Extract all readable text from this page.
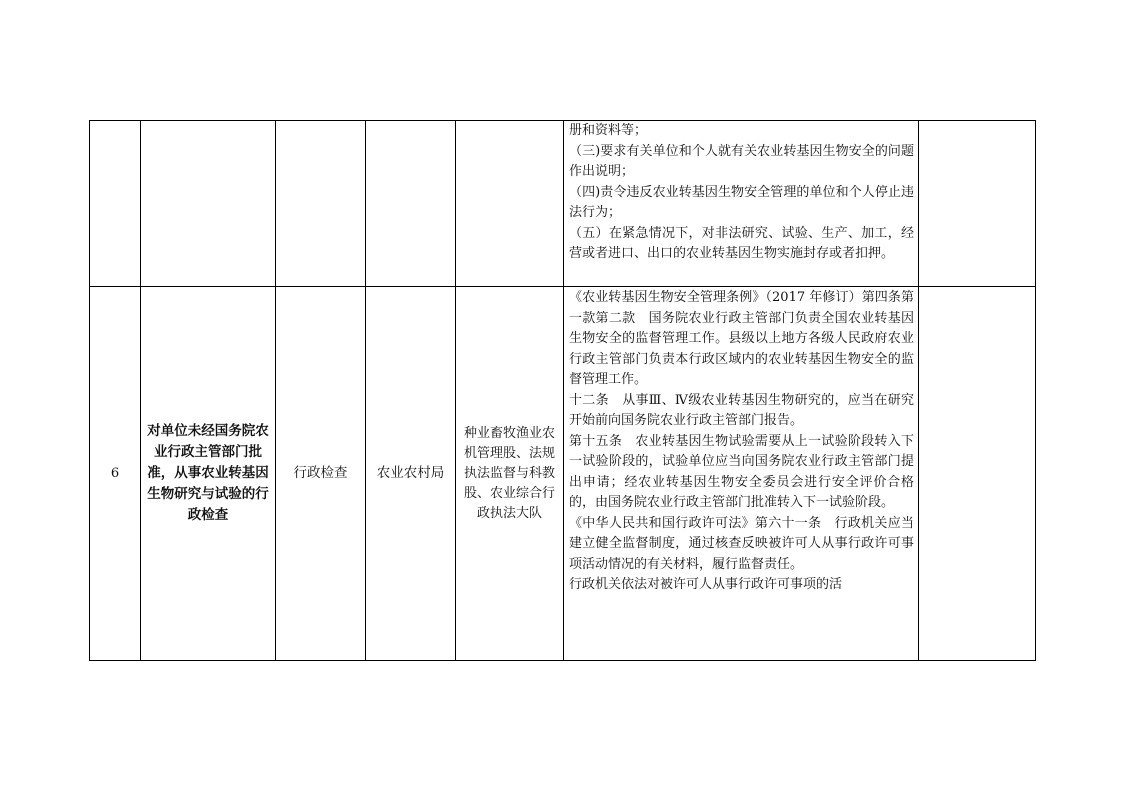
					册和资料等；

（三)要求有关单位和个人就有关农业转基因生物安全的问题作出说明；

（四)责令违反农业转基因生物安全管理的单位和个人停止违法行为；

（五）在紧急情况下，对非法研究、试验、生产、加工，经营或者进口、出口的农业转基因生物实施封存或者扣押。	

6	对单位未经国务院农业行政主管部门批准，从事农业转基因生物研究与试验的行政检查	行政检查	农业农村局	种业畜牧渔业农机管理股、法规执法监督与科教股、农业综合行政执法大队	《农业转基因生物安全管理条例》（2017 年修订）第四条第一款第二款　国务院农业行政主管部门负责全国农业转基因生物安全的监督管理工作。县级以上地方各级人民政府农业行政主管部门负责本行政区域内的农业转基因生物安全的监督管理工作。

十二条　从事Ⅲ、Ⅳ级农业转基因生物研究的，应当在研究开始前向国务院农业行政主管部门报告。

第十五条　农业转基因生物试验需要从上一试验阶段转入下一试验阶段的，试验单位应当向国务院农业行政主管部门提出申请；经农业转基因生物安全委员会进行安全评价合格的，由国务院农业行政主管部门批准转入下一试验阶段。

《中华人民共和国行政许可法》第六十一条　行政机关应当建立健全监督制度，通过核查反映被许可人从事行政许可事项活动情况的有关材料，履行监督责任。

行政机关依法对被许可人从事行政许可事项的活	
